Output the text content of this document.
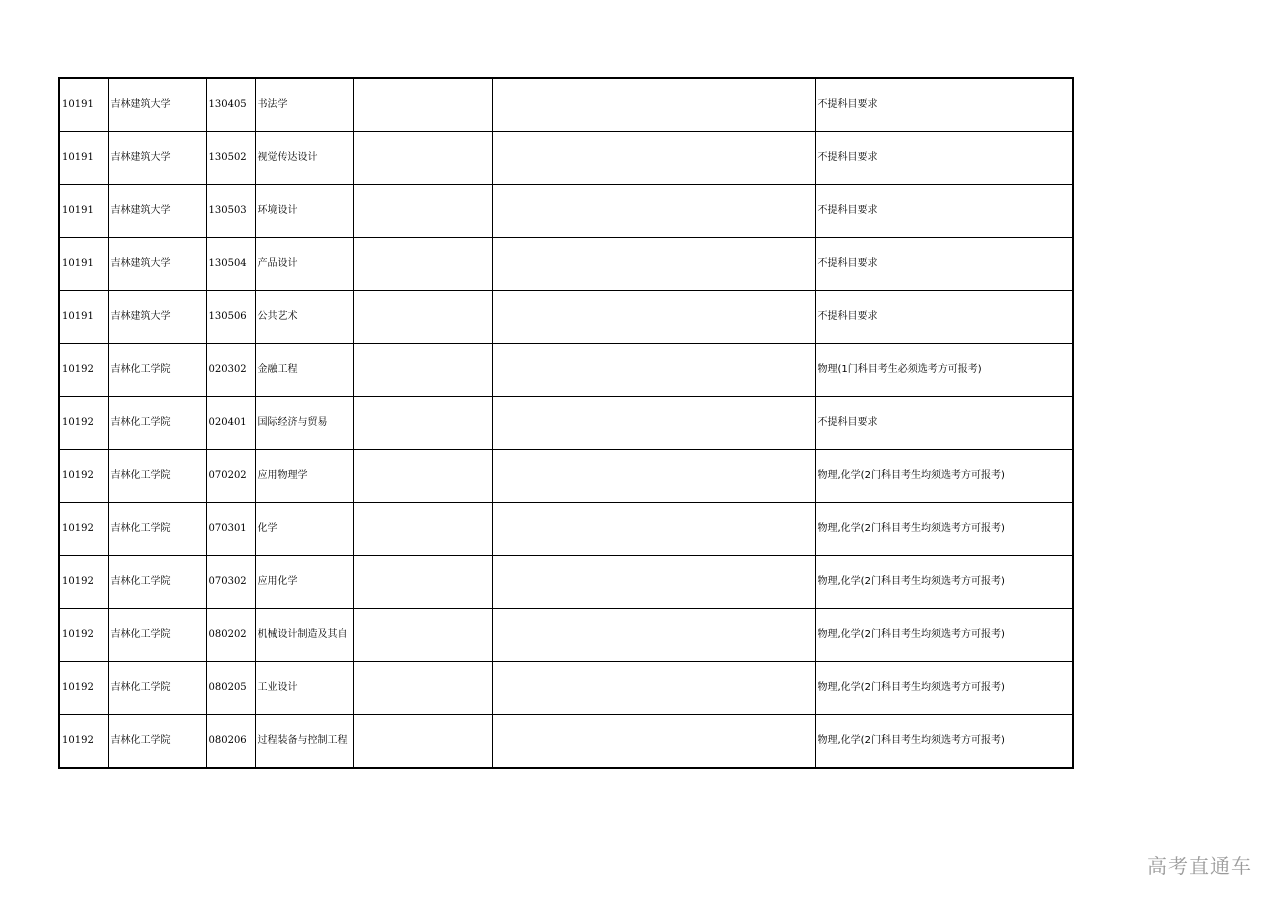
10191	吉林建筑大学	130405	书法学			不提科目要求
10191	吉林建筑大学	130502	视觉传达设计			不提科目要求
10191	吉林建筑大学	130503	环境设计			不提科目要求
10191	吉林建筑大学	130504	产品设计			不提科目要求
10191	吉林建筑大学	130506	公共艺术			不提科目要求
10192	吉林化工学院	020302	金融工程			物理(1门科目考生必须选考方可报考)
10192	吉林化工学院	020401	国际经济与贸易			不提科目要求
10192	吉林化工学院	070202	应用物理学			物理,化学(2门科目考生均须选考方可报考)
10192	吉林化工学院	070301	化学			物理,化学(2门科目考生均须选考方可报考)
10192	吉林化工学院	070302	应用化学			物理,化学(2门科目考生均须选考方可报考)
10192	吉林化工学院	080202	机械设计制造及其自			物理,化学(2门科目考生均须选考方可报考)
10192	吉林化工学院	080205	工业设计			物理,化学(2门科目考生均须选考方可报考)
10192	吉林化工学院	080206	过程装备与控制工程			物理,化学(2门科目考生均须选考方可报考)
高考直通车
